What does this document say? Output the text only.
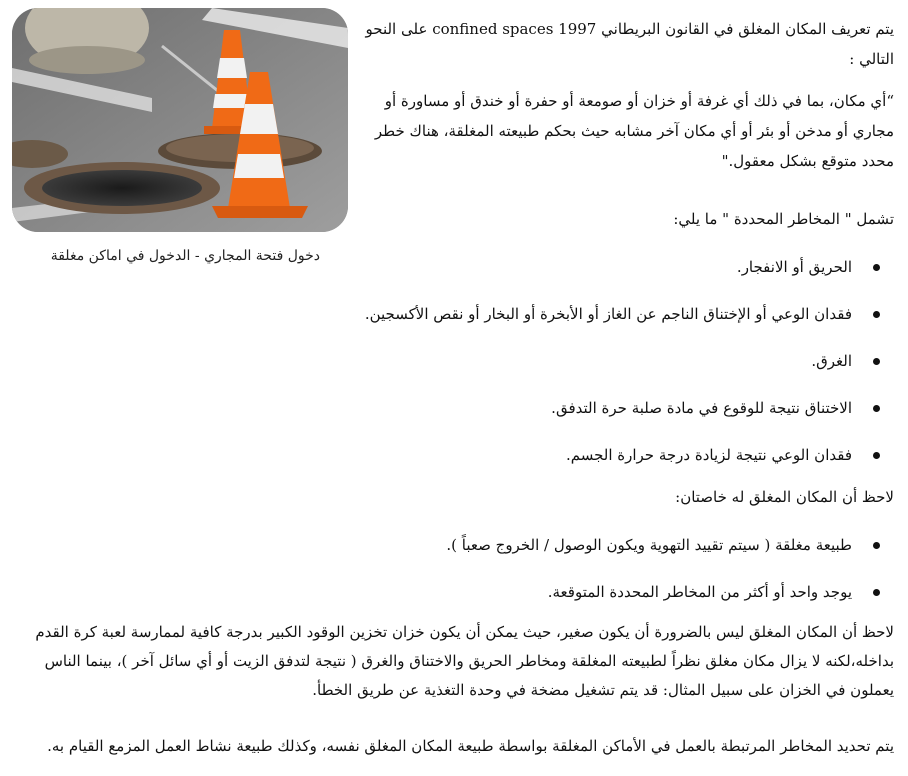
دخول فتحة المجاري - الدخول في اماكن مغلقة
يتم تعريف المكان المغلق في القانون البريطاني confined spaces 1997 على النحو التالي :
“أي مكان، بما في ذلك أي غرفة أو خزان أو صومعة أو حفرة أو خندق أو مساورة أو مجاري أو مدخن أو بئر أو أي مكان آخر مشابه حيث بحكم طبيعته المغلقة، هناك خطر محدد متوقع بشكل معقول."
تشمل " المخاطر المحددة " ما يلي:
الحريق أو الانفجار.
فقدان الوعي أو الإختناق الناجم عن الغاز أو الأبخرة أو البخار أو نقص الأكسجين.
الغرق.
الاختناق نتيجة للوقوع في مادة صلبة حرة التدفق.
فقدان الوعي نتيجة لزيادة درجة حرارة الجسم.
لاحظ أن المكان المغلق له خاصتان:
طبيعة مغلقة ( سيتم تقييد التهوية ويكون الوصول / الخروج صعباً ).
يوجد واحد أو أكثر من المخاطر المحددة المتوقعة.
لاحظ أن المكان المغلق ليس بالضرورة أن يكون صغير، حيث يمكن أن يكون خزان تخزين الوقود الكبير بدرجة كافية لممارسة لعبة كرة القدم بداخله،لكنه لا يزال مكان مغلق نظراً لطبيعته المغلقة ومخاطر الحريق والاختناق والغرق ( نتيجة لتدفق الزيت أو أي سائل آخر )، بينما الناس يعملون في الخزان على سبيل المثال: قد يتم تشغيل مضخة في وحدة التغذية عن طريق الخطأ.
يتم تحديد المخاطر المرتبطة بالعمل في الأماكن المغلقة بواسطة طبيعة المكان المغلق نفسه، وكذلك طبيعة نشاط العمل المزمع القيام به.
